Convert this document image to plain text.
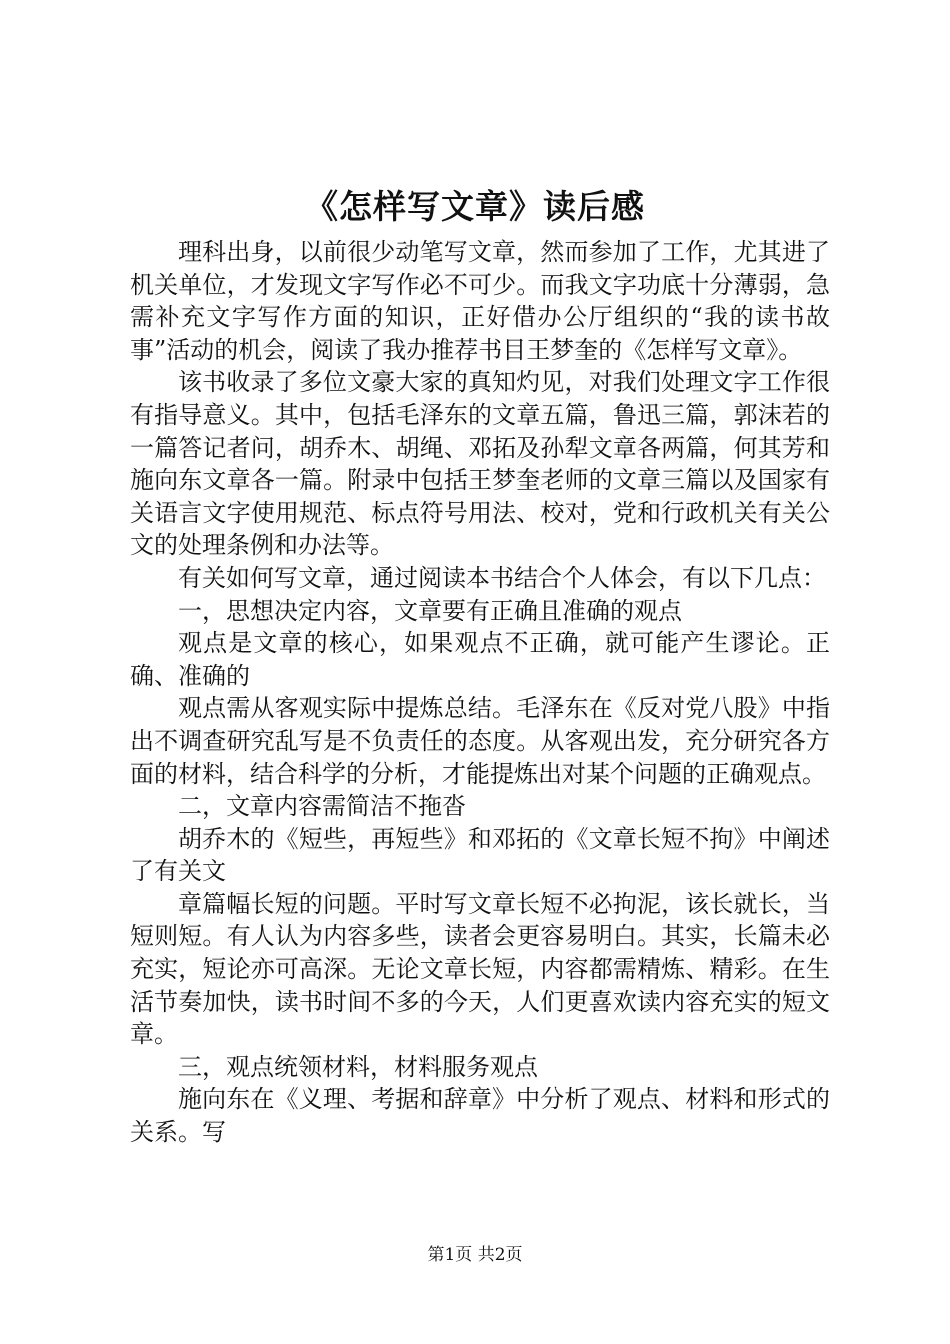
《怎样写文章》读后感

理科出身，以前很少动笔写文章，然而参加了工作，尤其进了机关单位，才发现文字写作必不可少。而我文字功底十分薄弱，急需补充文字写作方面的知识，正好借办公厅组织的“我的读书故事”活动的机会，阅读了我办推荐书目王梦奎的《怎样写文章》。

该书收录了多位文豪大家的真知灼见，对我们处理文字工作很有指导意义。其中，包括毛泽东的文章五篇，鲁迅三篇，郭沫若的一篇答记者问，胡乔木、胡绳、邓拓及孙犁文章各两篇，何其芳和施向东文章各一篇。附录中包括王梦奎老师的文章三篇以及国家有关语言文字使用规范、标点符号用法、校对，党和行政机关有关公文的处理条例和办法等。

有关如何写文章，通过阅读本书结合个人体会，有以下几点：

一，思想决定内容，文章要有正确且准确的观点

观点是文章的核心，如果观点不正确，就可能产生谬论。正确、准确的

观点需从客观实际中提炼总结。毛泽东在《反对党八股》中指出不调查研究乱写是不负责任的态度。从客观出发，充分研究各方面的材料，结合科学的分析，才能提炼出对某个问题的正确观点。

二，文章内容需简洁不拖沓

胡乔木的《短些，再短些》和邓拓的《文章长短不拘》中阐述了有关文

章篇幅长短的问题。平时写文章长短不必拘泥，该长就长，当短则短。有人认为内容多些，读者会更容易明白。其实，长篇未必充实，短论亦可高深。无论文章长短，内容都需精炼、精彩。在生活节奏加快，读书时间不多的今天，人们更喜欢读内容充实的短文章。

三，观点统领材料，材料服务观点

施向东在《义理、考据和辞章》中分析了观点、材料和形式的关系。写

第1页 共2页
